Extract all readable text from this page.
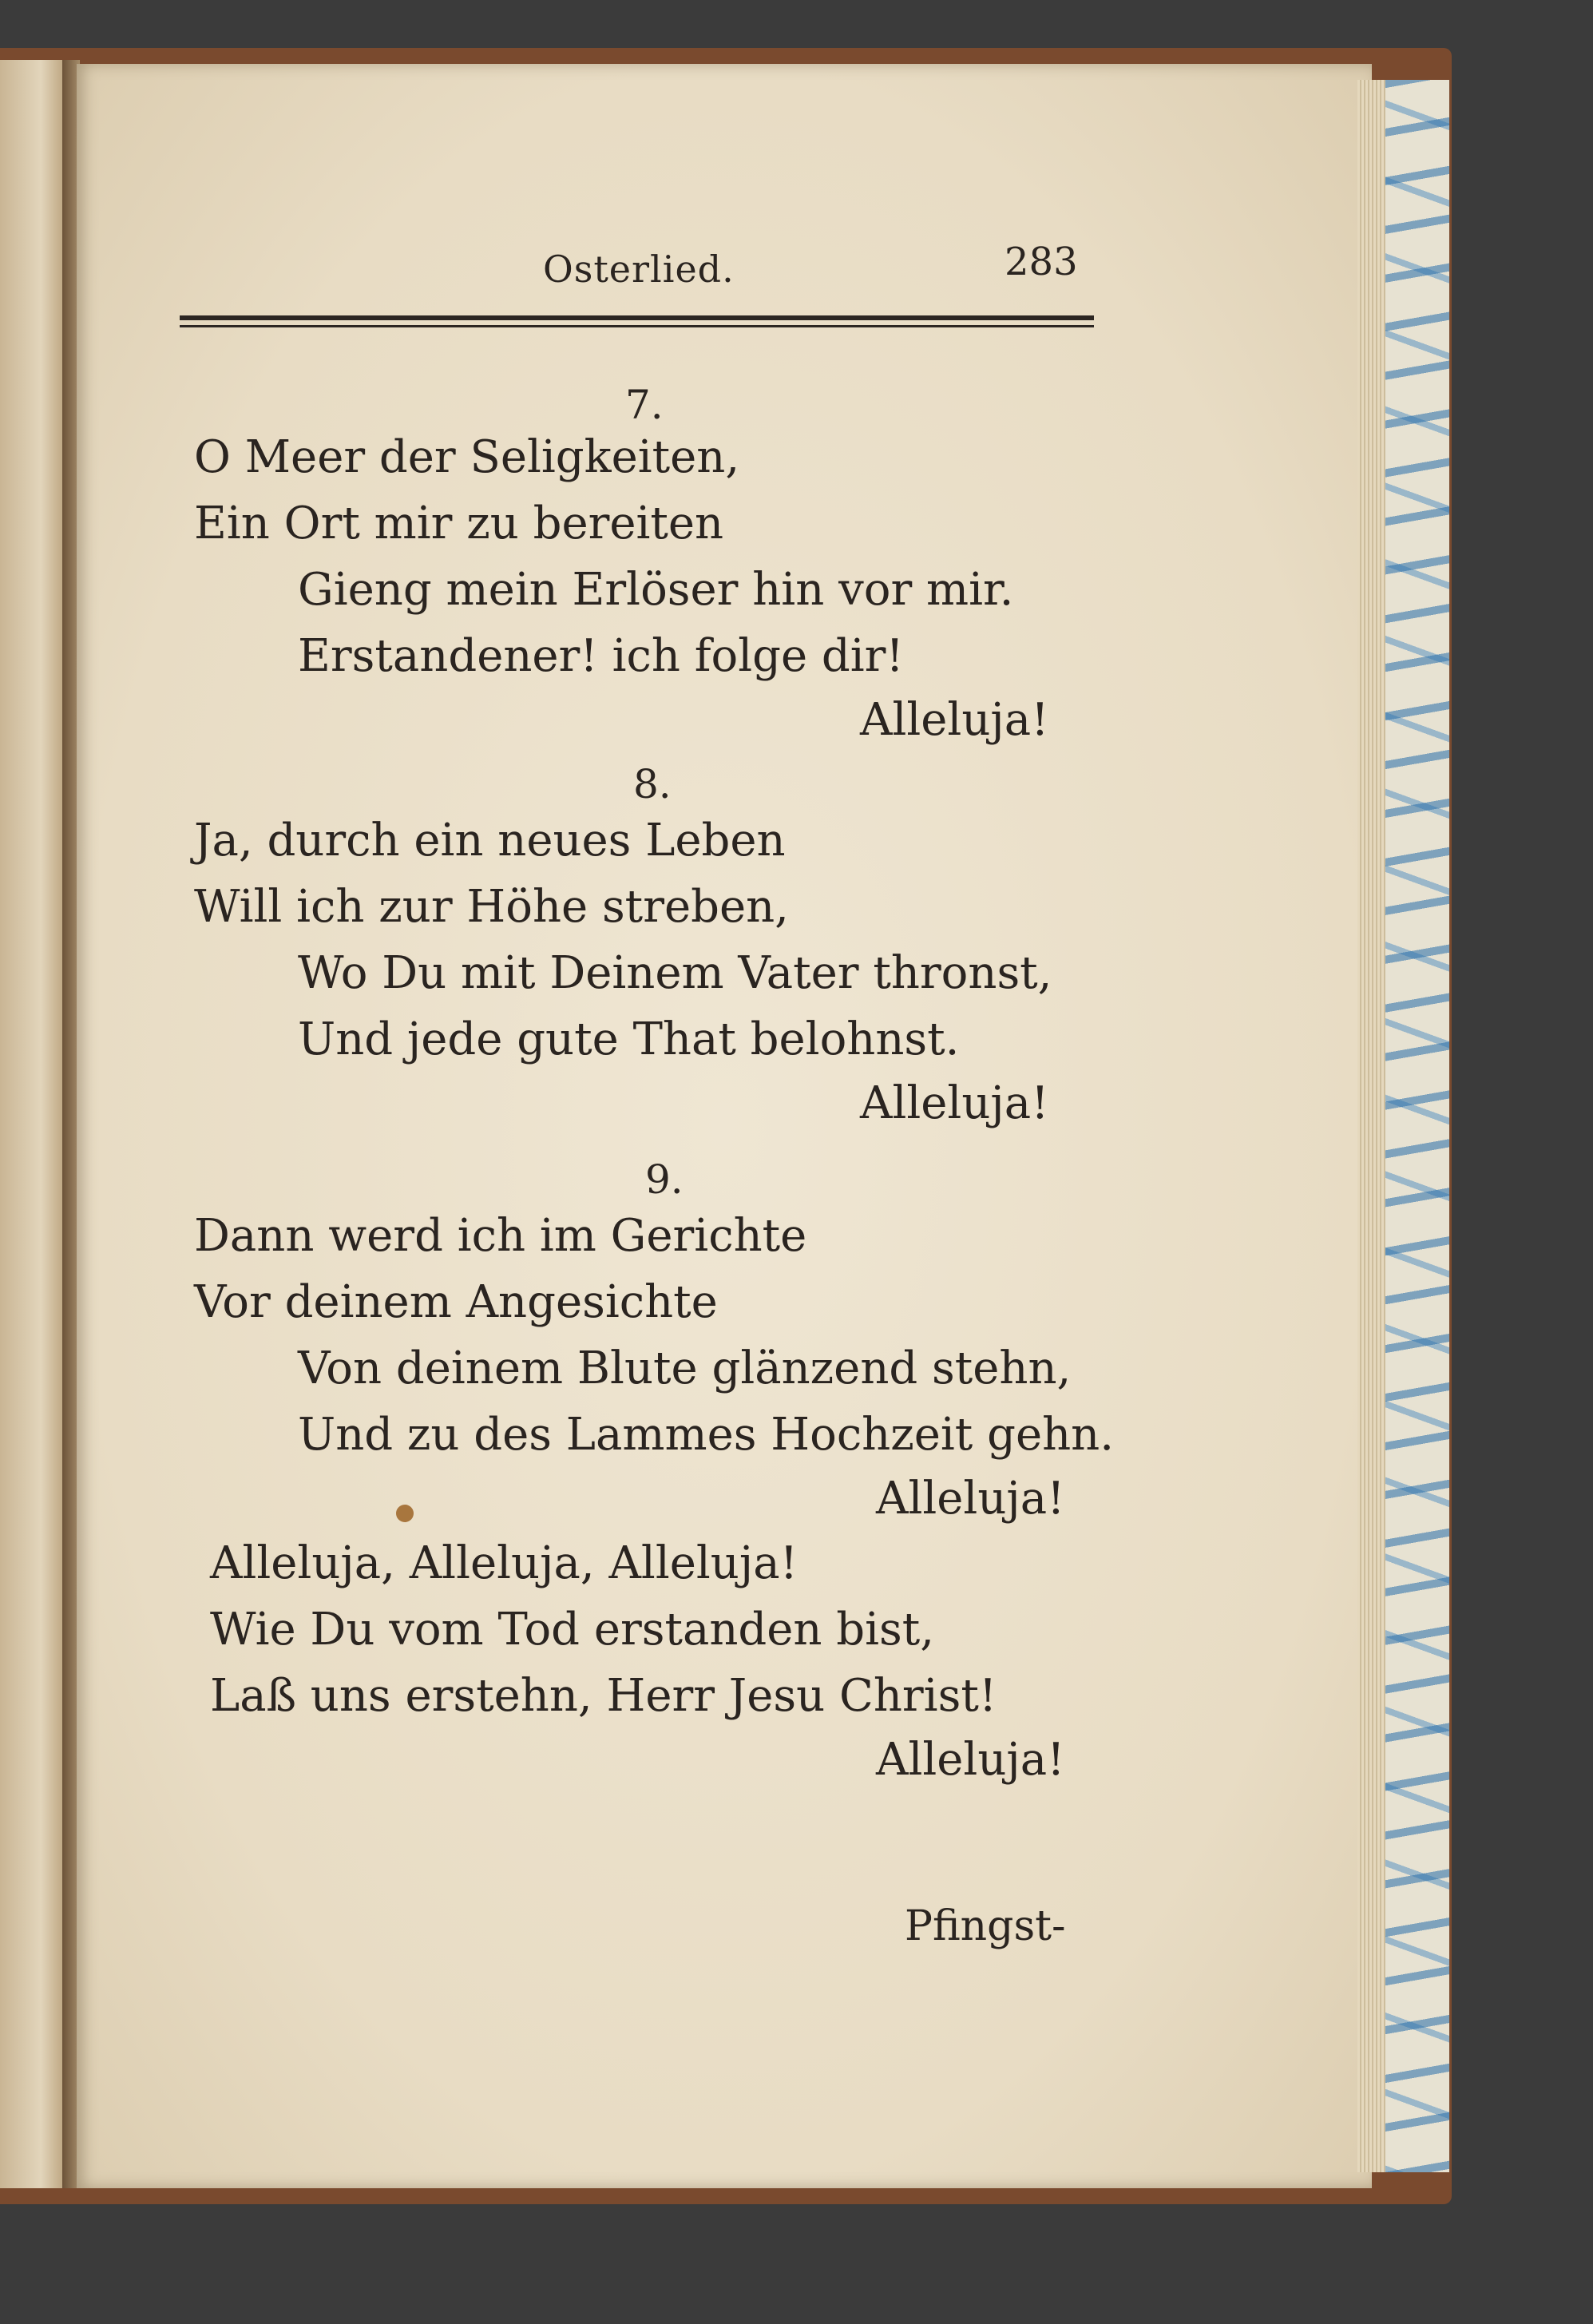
Osterlied.	283
7.
O Meer der Seligkeiten,
Ein Ort mir zu bereiten
Gieng mein Erlöser hin vor mir.
Erstandener! ich folge dir!
Alleluja!
8.
Ja, durch ein neues Leben
Will ich zur Höhe streben,
Wo Du mit Deinem Vater thronst,
Und jede gute That belohnst.
Alleluja!
9.
Dann werd ich im Gerichte
Vor deinem Angesichte
Von deinem Blute glänzend stehn,
Und zu des Lammes Hochzeit gehn.
Alleluja!
Alleluja, Alleluja, Alleluja!
Wie Du vom Tod erstanden bist,
Laß uns erstehn, Herr Jesu Christ!
Alleluja!
Pfingst-
